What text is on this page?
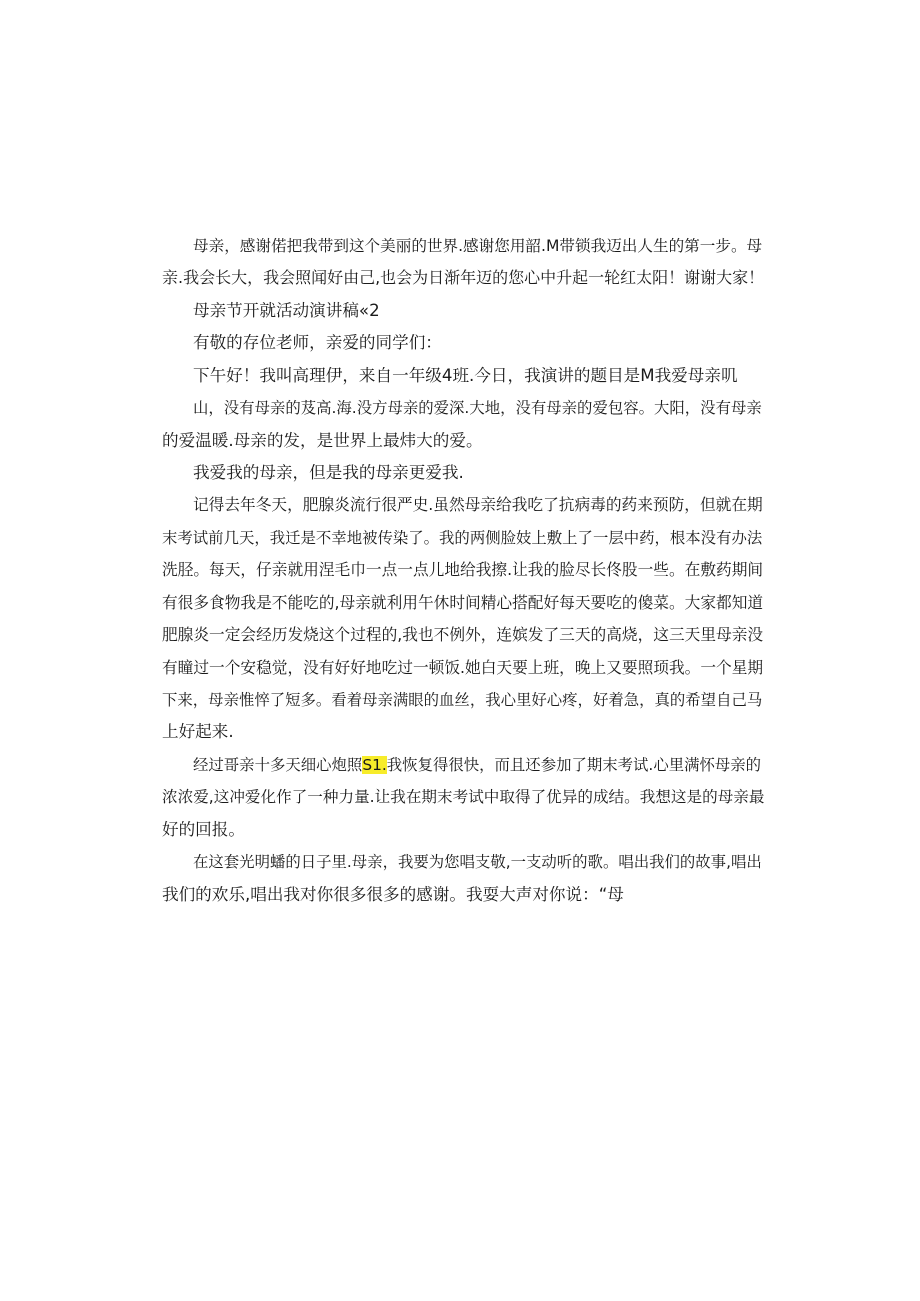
母亲，感谢偌把我带到这个美丽的世界.感谢您用韶.M带锁我迈出人生的第一步。母
亲.我会长大，我会照闻好由己,也会为日渐年迈的您心中升起一轮红太阳！谢谢大家！
母亲节开就活动演讲稿«2
有敬的存位老师，亲爱的同学们：
下午好！我叫高理伊，来自一年级4班.今日，我演讲的题目是M我爱母亲叽
山，没有母亲的芨高.海.没方母亲的爱深.大地，没有母亲的爱包容。大阳，没有母亲
的爱温暖.母亲的发，是世界上最炜大的爱。
我爱我的母亲，但是我的母亲更爱我.
记得去年冬天，肥腺炎流行很严史.虽然母亲给我吃了抗病毒的药来预防，但就在期
末考试前几天，我迁是不幸地被传染了。我的两侧脸妓上敷上了一层中药，根本没有办法
洗胫。每天，仔亲就用涅毛巾一点一点儿地给我擦.让我的脸尽长佟股一些。在敷药期间
有很多食物我是不能吃的,母亲就利用午休时间精心搭配好每天要吃的傻菜。大家都知道
肥腺炎一定会经历发烧这个过程的,我也不例外，连嫔发了三天的高烧，这三天里母亲没
有瞳过一个安稳觉，没有好好地吃过一顿饭.她白天要上班，晚上又要照顼我。一个星期
下来，母亲惟悴了短多。看着母亲满眼的血丝，我心里好心疼，好着急，真的希望自己马
上好起来.
经过哥亲十多天细心炮照S1.我恢复得很快，而且还参加了期末考试.心里满怀母亲的
浓浓爱,这冲爱化作了一种力量.让我在期末考试中取得了优异的成结。我想这是的母亲最
好的回报。
在这套光明蟠的日子里.母亲，我要为您唱支敬,一支动听的歌。唱出我们的故事,唱出
我们的欢乐,唱出我对你很多很多的感谢。我耍大声对你说：“母
